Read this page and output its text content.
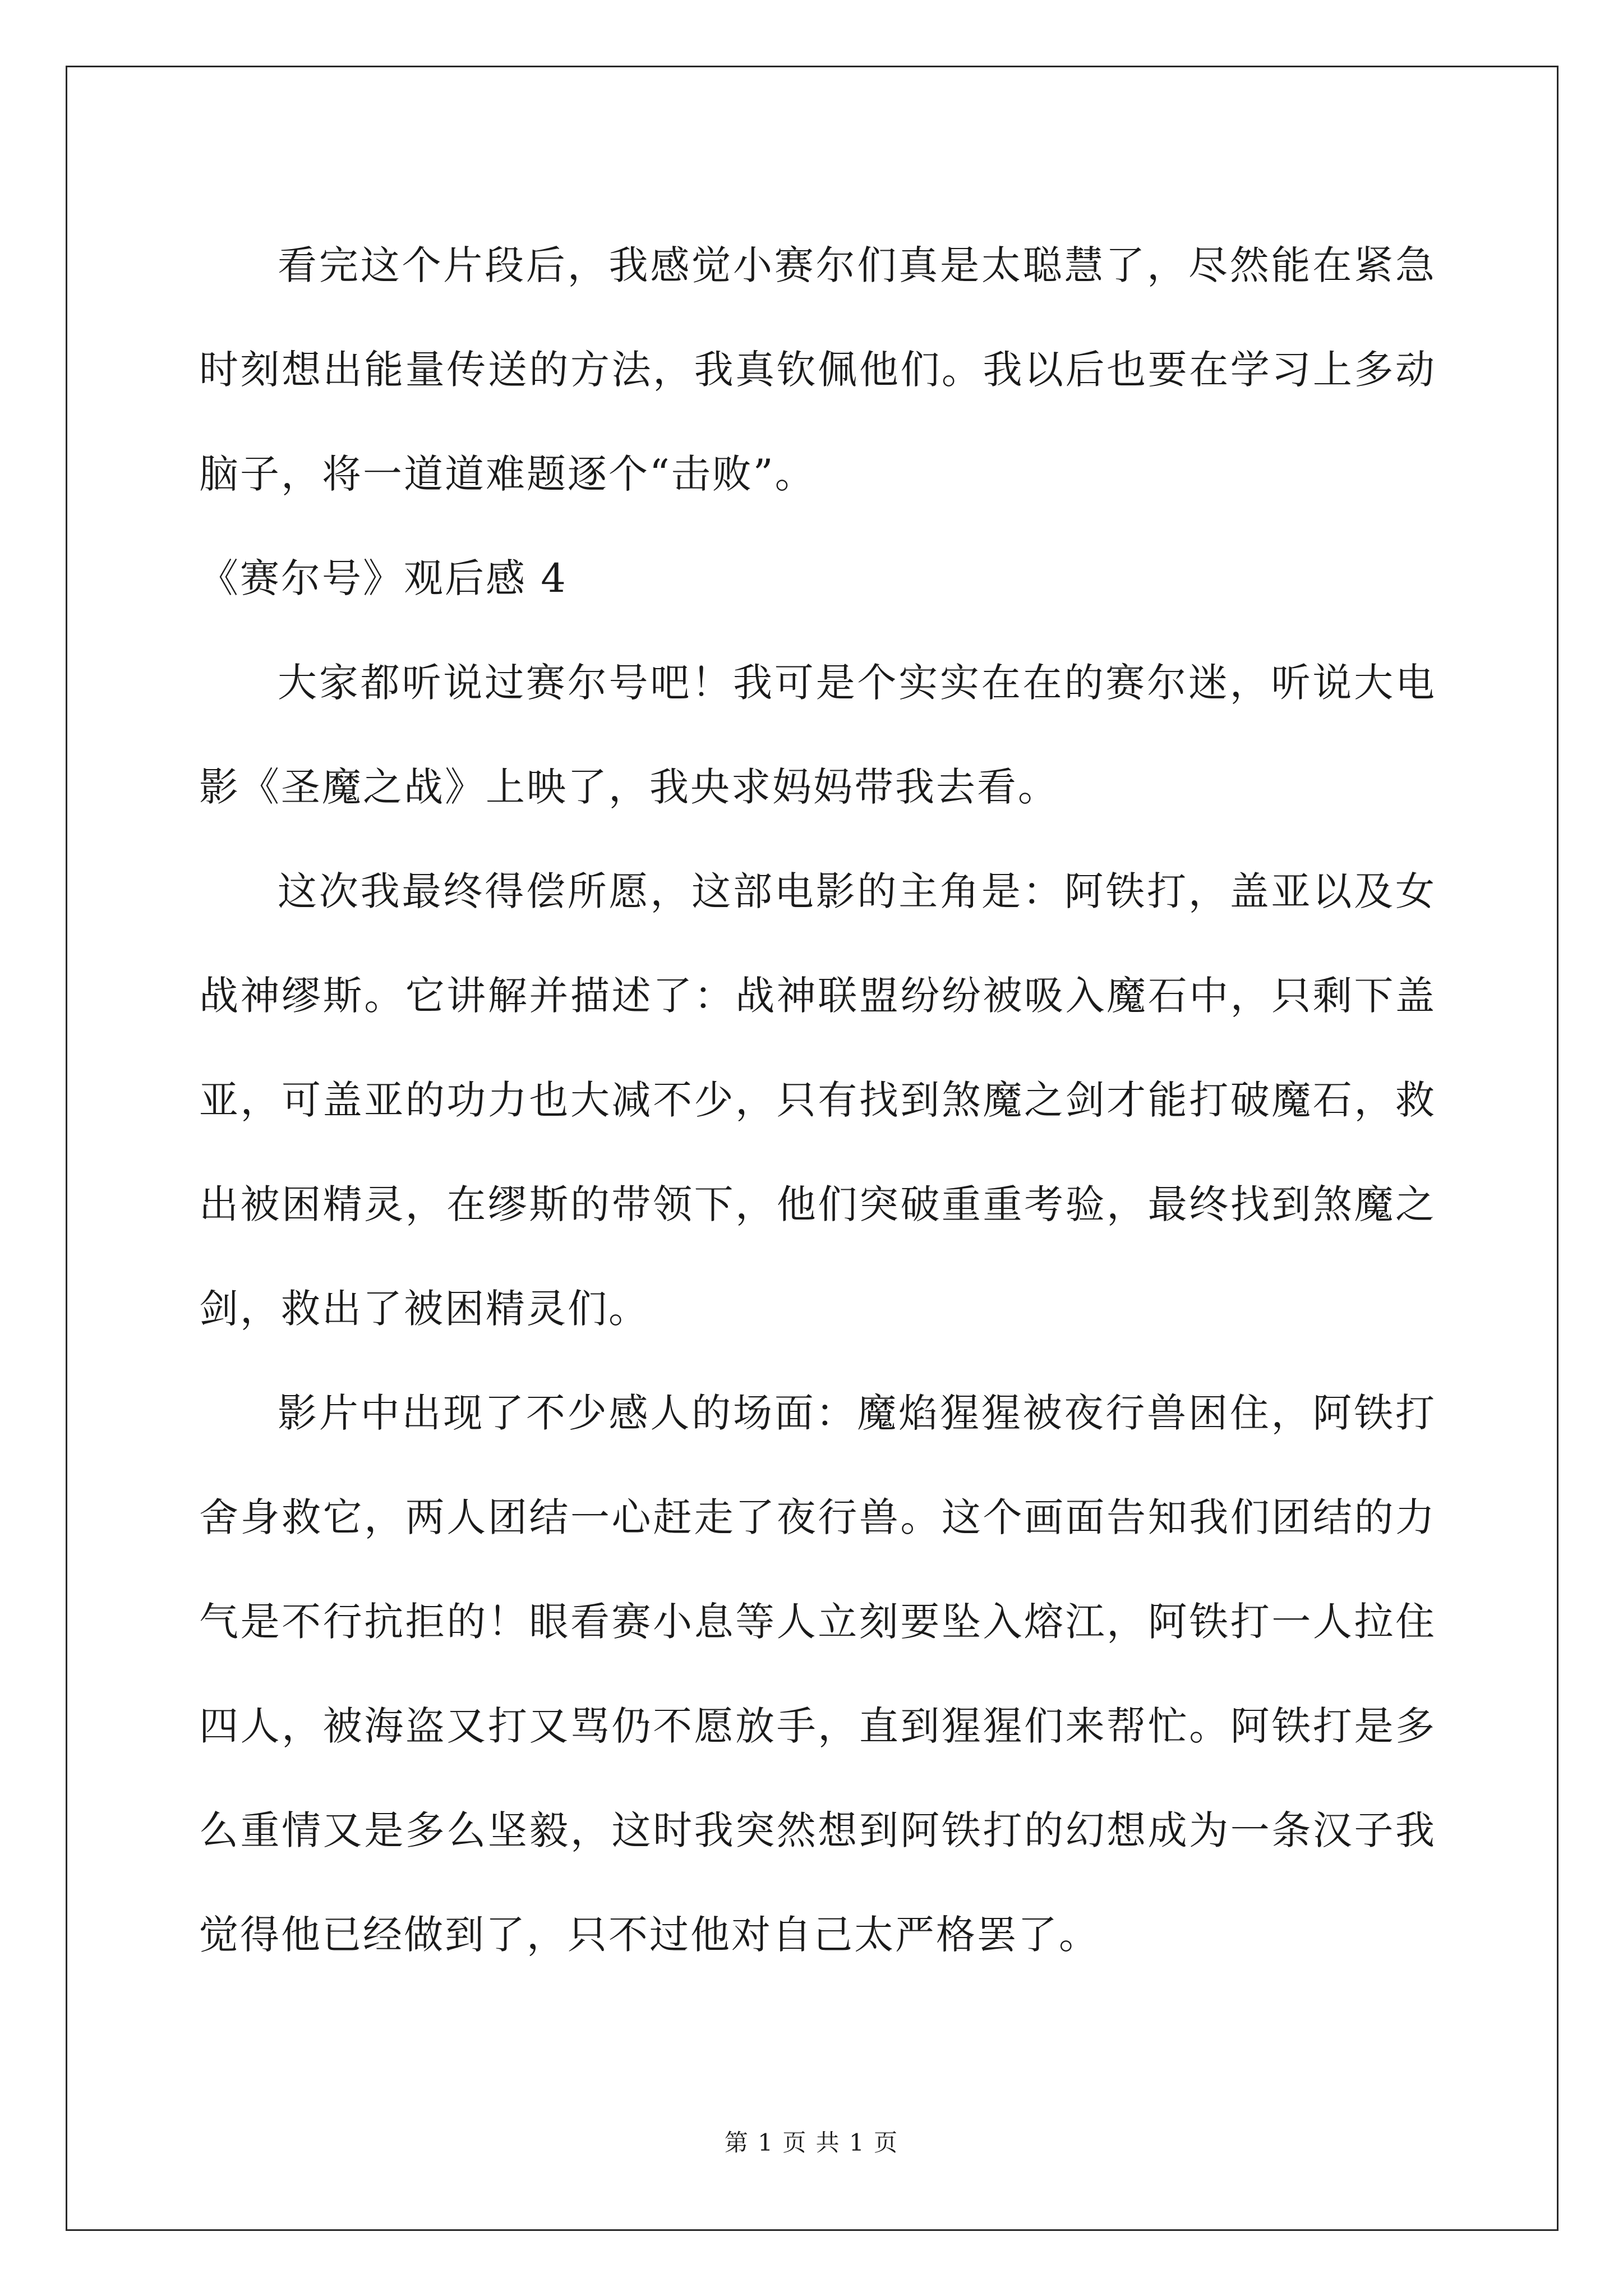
看完这个片段后，我感觉小赛尔们真是太聪慧了，尽然能在紧急时刻想出能量传送的方法，我真钦佩他们。我以后也要在学习上多动脑子，将一道道难题逐个“击败”。

《赛尔号》观后感 4

大家都听说过赛尔号吧！我可是个实实在在的赛尔迷，听说大电影《圣魔之战》上映了，我央求妈妈带我去看。

这次我最终得偿所愿，这部电影的主角是：阿铁打，盖亚以及女战神缪斯。它讲解并描述了：战神联盟纷纷被吸入魔石中，只剩下盖亚，可盖亚的功力也大减不少，只有找到煞魔之剑才能打破魔石，救出被困精灵，在缪斯的带领下，他们突破重重考验，最终找到煞魔之剑，救出了被困精灵们。

影片中出现了不少感人的场面：魔焰猩猩被夜行兽困住，阿铁打舍身救它，两人团结一心赶走了夜行兽。这个画面告知我们团结的力气是不行抗拒的！眼看赛小息等人立刻要坠入熔江，阿铁打一人拉住四人，被海盗又打又骂仍不愿放手，直到猩猩们来帮忙。阿铁打是多么重情又是多么坚毅，这时我突然想到阿铁打的幻想成为一条汉子我觉得他已经做到了，只不过他对自己太严格罢了。

第 1 页 共 1 页
